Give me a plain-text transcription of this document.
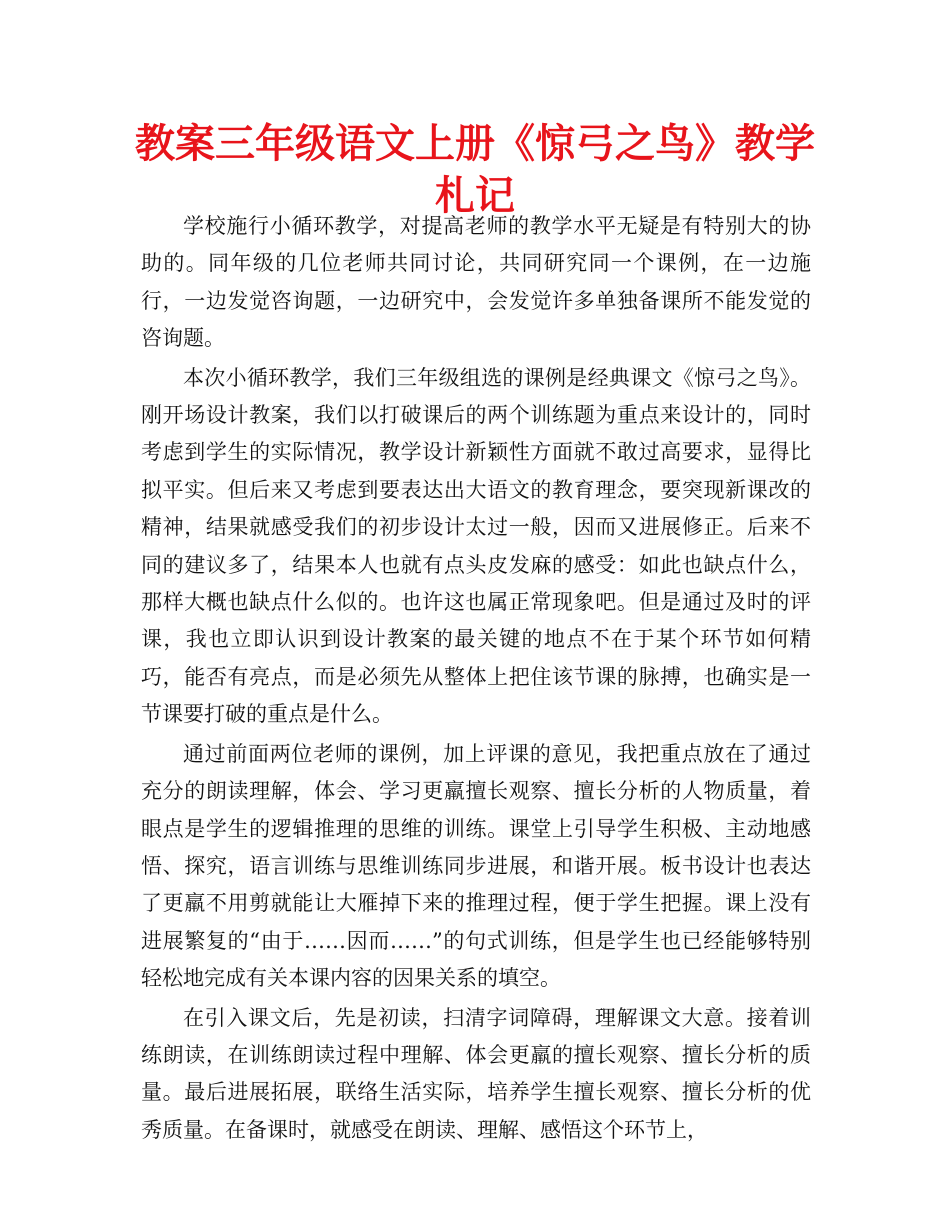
教案三年级语文上册《惊弓之鸟》教学札记

学校施行小循环教学，对提高老师的教学水平无疑是有特别大的协助的。同年级的几位老师共同讨论，共同研究同一个课例，在一边施行，一边发觉咨询题，一边研究中，会发觉许多单独备课所不能发觉的咨询题。

本次小循环教学，我们三年级组选的课例是经典课文《惊弓之鸟》。刚开场设计教案，我们以打破课后的两个训练题为重点来设计的，同时考虑到学生的实际情况，教学设计新颖性方面就不敢过高要求，显得比拟平实。但后来又考虑到要表达出大语文的教育理念，要突现新课改的精神，结果就感受我们的初步设计太过一般，因而又进展修正。后来不同的建议多了，结果本人也就有点头皮发麻的感受：如此也缺点什么，那样大概也缺点什么似的。也许这也属正常现象吧。但是通过及时的评课，我也立即认识到设计教案的最关键的地点不在于某个环节如何精巧，能否有亮点，而是必须先从整体上把住该节课的脉搏，也确实是一节课要打破的重点是什么。

通过前面两位老师的课例，加上评课的意见，我把重点放在了通过充分的朗读理解，体会、学习更羸擅长观察、擅长分析的人物质量，着眼点是学生的逻辑推理的思维的训练。课堂上引导学生积极、主动地感悟、探究，语言训练与思维训练同步进展，和谐开展。板书设计也表达了更羸不用剪就能让大雁掉下来的推理过程，便于学生把握。课上没有进展繁复的“由于……因而……”的句式训练，但是学生也已经能够特别轻松地完成有关本课内容的因果关系的填空。

在引入课文后，先是初读，扫清字词障碍，理解课文大意。接着训练朗读，在训练朗读过程中理解、体会更羸的擅长观察、擅长分析的质量。最后进展拓展，联络生活实际，培养学生擅长观察、擅长分析的优秀质量。在备课时，就感受在朗读、理解、感悟这个环节上，
